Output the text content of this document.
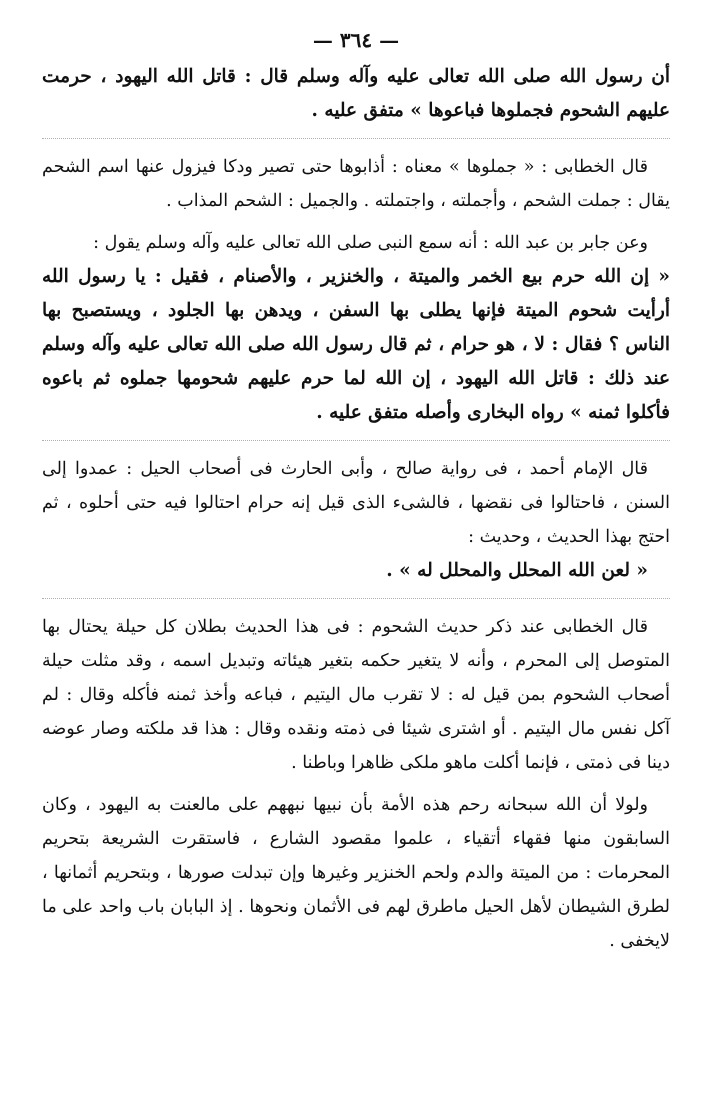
— ٣٦٤ —

أن رسول الله صلى الله تعالى عليه وآله وسلم قال : قاتل الله اليهود ، حرمت عليهم الشحوم فجملوها فباعوها » متفق عليه .

قال الخطابى : « جملوها » معناه : أذابوها حتى تصير ودكا فيزول عنها اسم الشحم يقال : جملت الشحم ، وأجملته ، واجتملته . والجميل : الشحم المذاب .

وعن جابر بن عبد الله : أنه سمع النبى صلى الله تعالى عليه وآله وسلم يقول :

« إن الله حرم بيع الخمر والميتة ، والخنزير ، والأصنام ، فقيل : يا رسول الله أرأيت شحوم الميتة فإنها يطلى بها السفن ، ويدهن بها الجلود ، ويستصبح بها الناس ؟ فقال : لا ، هو حرام ، ثم قال رسول الله صلى الله تعالى عليه وآله وسلم عند ذلك : قاتل الله اليهود ، إن الله لما حرم عليهم شحومها جملوه ثم باعوه فأكلوا ثمنه » رواه البخارى وأصله متفق عليه .

قال الإمام أحمد ، فى رواية صالح ، وأبى الحارث فى أصحاب الحيل : عمدوا إلى السنن ، فاحتالوا فى نقضها ، فالشىء الذى قيل إنه حرام احتالوا فيه حتى أحلوه ، ثم احتج بهذا الحديث ، وحديث :

« لعن الله المحلل والمحلل له » .

قال الخطابى عند ذكر حديث الشحوم : فى هذا الحديث بطلان كل حيلة يحتال بها المتوصل إلى المحرم ، وأنه لا يتغير حكمه بتغير هيئاته وتبديل اسمه ، وقد مثلت حيلة أصحاب الشحوم بمن قيل له : لا تقرب مال اليتيم ، فباعه وأخذ ثمنه فأكله وقال : لم آكل نفس مال اليتيم . أو اشترى شيئا فى ذمته ونقده وقال : هذا قد ملكته وصار عوضه دينا فى ذمتى ، فإنما أكلت ماهو ملكى ظاهرا وباطنا .

ولولا أن الله سبحانه رحم هذه الأمة بأن نبيها نبههم على مالعنت به اليهود ، وكان السابقون منها فقهاء أتقياء ، علموا مقصود الشارع ، فاستقرت الشريعة بتحريم المحرمات : من الميتة والدم ولحم الخنزير وغيرها وإن تبدلت صورها ، وبتحريم أثمانها ، لطرق الشيطان لأهل الحيل ماطرق لهم فى الأثمان ونحوها . إذ البابان باب واحد على ما لايخفى .
